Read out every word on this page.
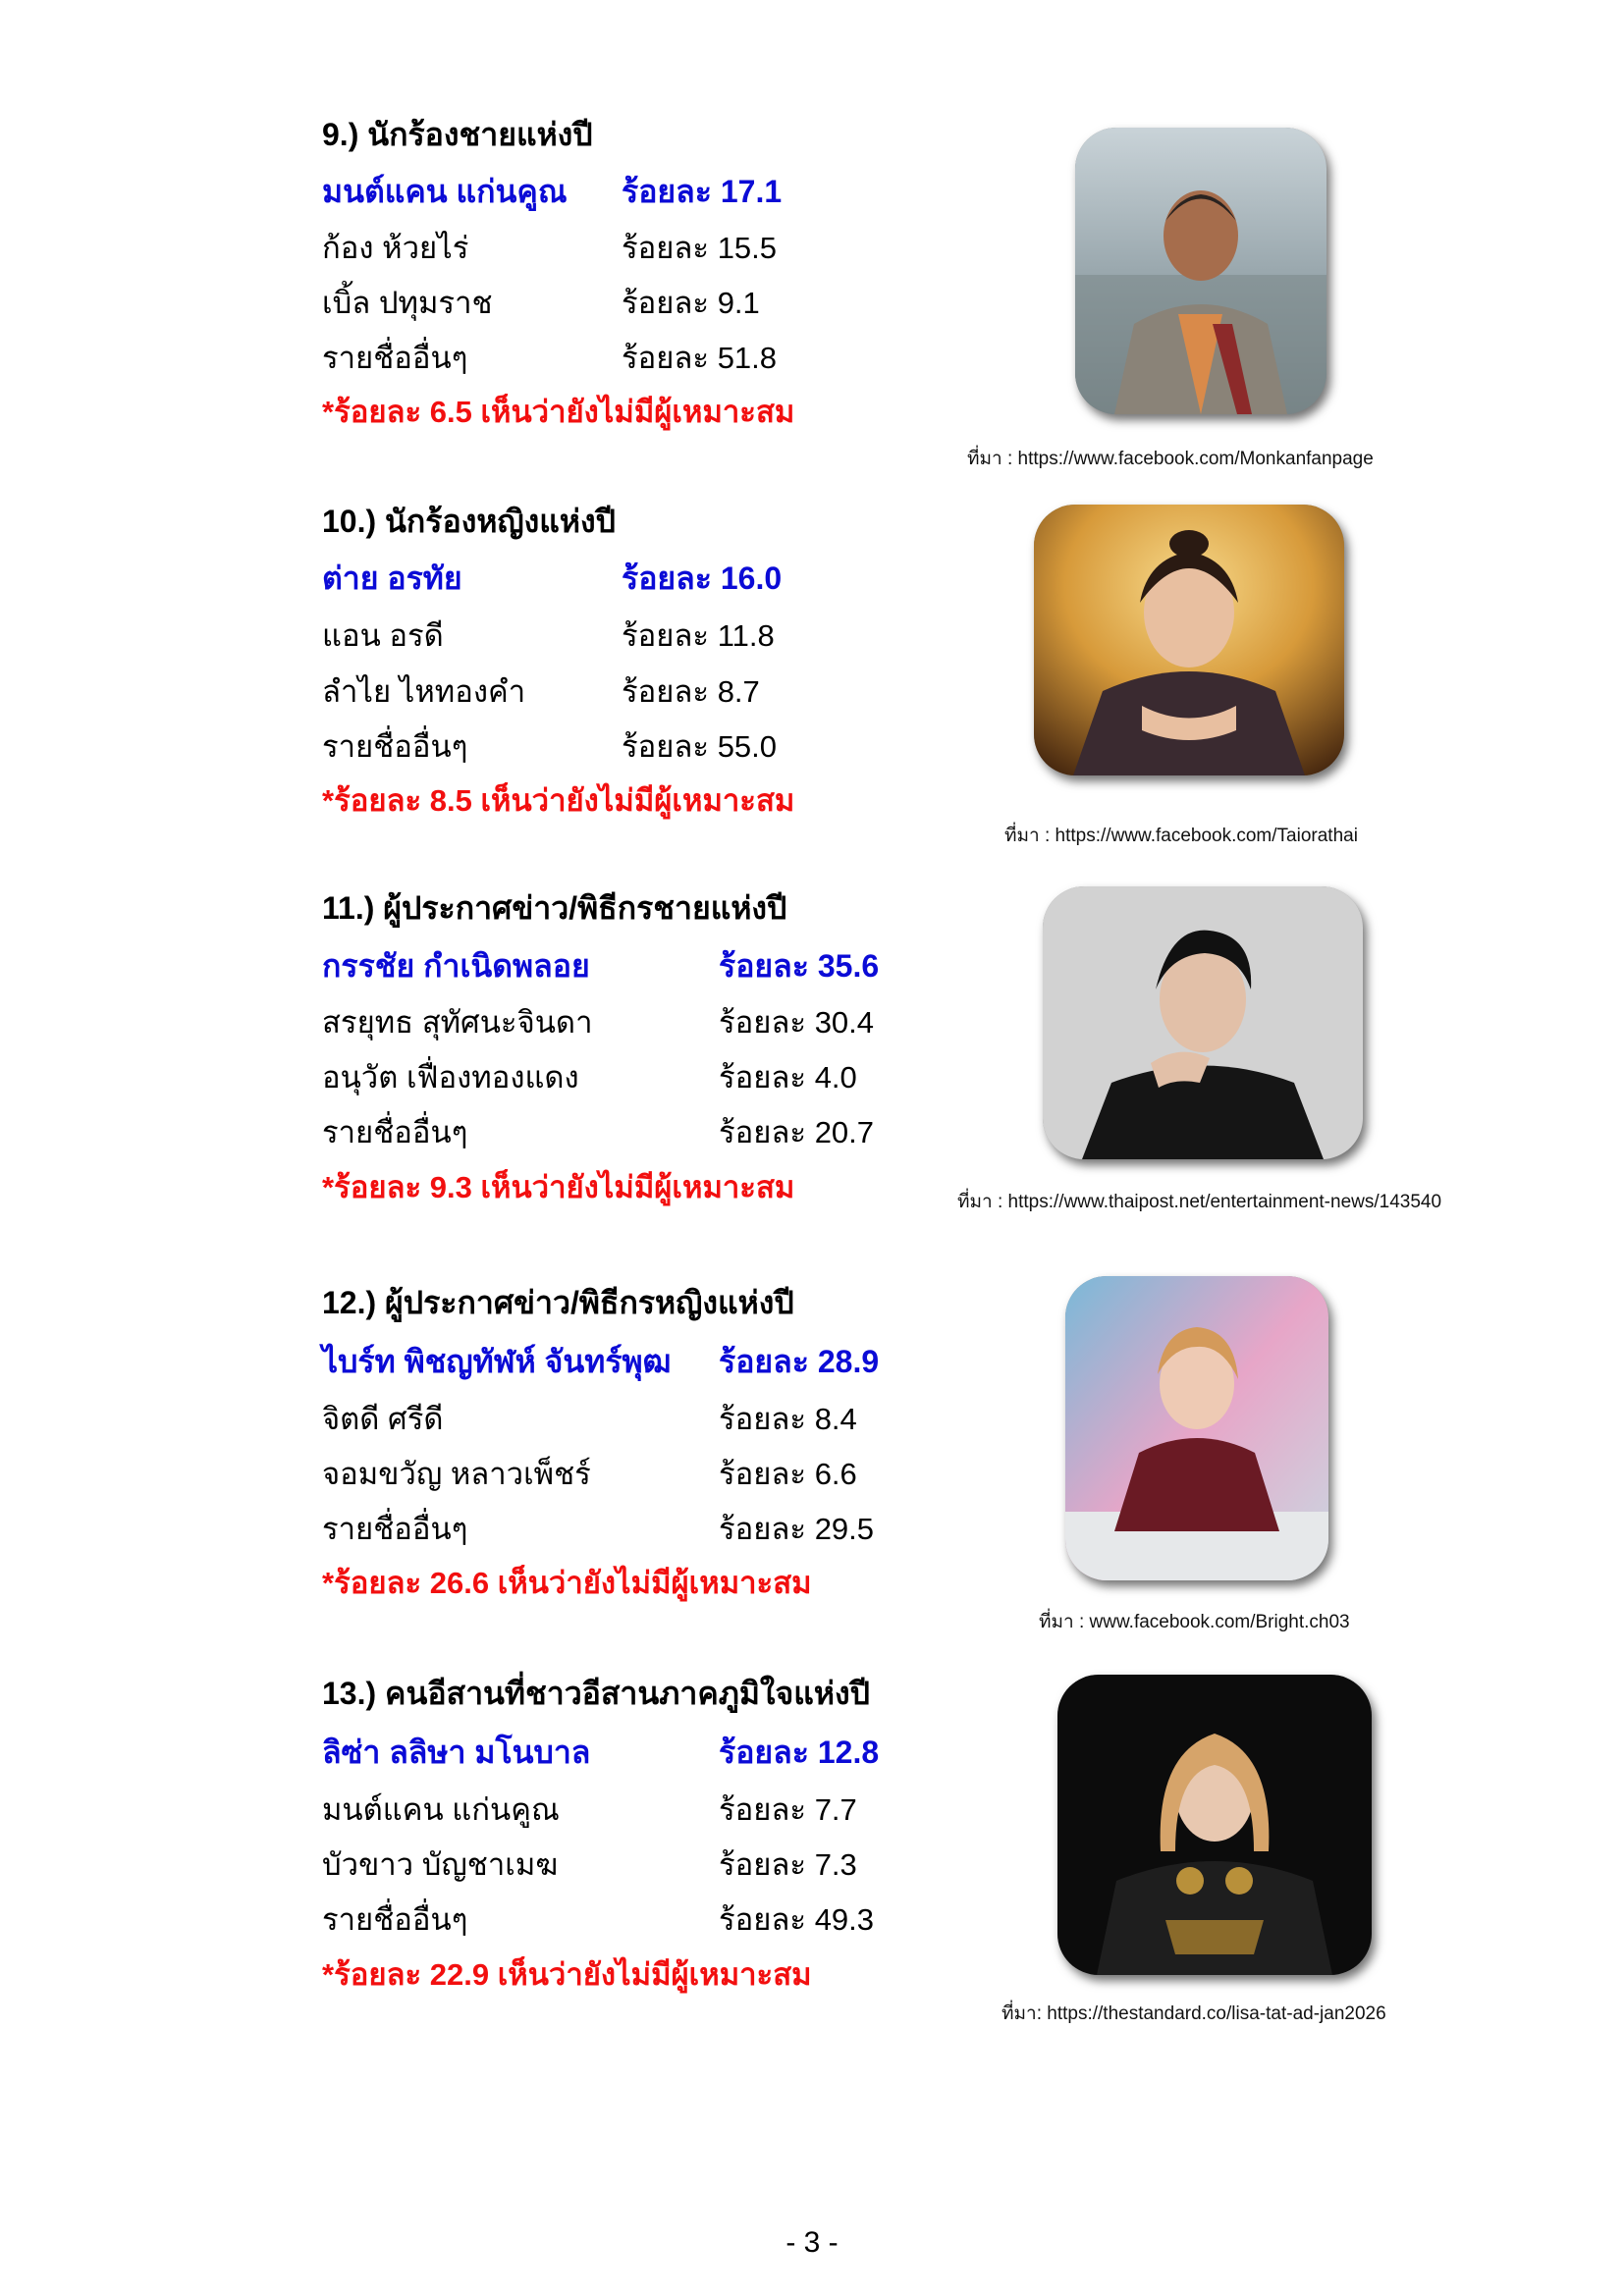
9.) นักร้องชายแห่งปี
มนต์แคน แก่นคูณ ร้อยละ 17.1
ก้อง ห้วยไร่	ร้อยละ 15.5
เบิ้ล ปทุมราช	ร้อยละ 9.1
รายชื่ออื่นๆ	ร้อยละ 51.8
*ร้อยละ 6.5 เห็นว่ายังไม่มีผู้เหมาะสม
ที่มา : https://www.facebook.com/Monkanfanpage
10.) นักร้องหญิงแห่งปี
ต่าย อรทัย	ร้อยละ 16.0
แอน อรดี	ร้อยละ 11.8
ลำไย ไหทองคำ	ร้อยละ 8.7
รายชื่ออื่นๆ	ร้อยละ 55.0
*ร้อยละ 8.5 เห็นว่ายังไม่มีผู้เหมาะสม
ที่มา : https://www.facebook.com/Taiorathai
11.) ผู้ประกาศข่าว/พิธีกรชายแห่งปี
กรรชัย กำเนิดพลอย	ร้อยละ 35.6
สรยุทธ สุทัศนะจินดา	ร้อยละ 30.4
อนุวัต เฟื่องทองแดง	ร้อยละ 4.0
รายชื่ออื่นๆ	ร้อยละ 20.7
*ร้อยละ 9.3 เห็นว่ายังไม่มีผู้เหมาะสม	ที่มา : https://www.thaipost.net/entertainment-news/143540
12.) ผู้ประกาศข่าว/พิธีกรหญิงแห่งปี
ไบร์ท พิชญทัฬห์ จันทร์พุฒ ร้อยละ 28.9
จิตดี ศรีดี	ร้อยละ 8.4
จอมขวัญ หลาวเพ็ชร์	ร้อยละ 6.6
รายชื่ออื่นๆ	ร้อยละ 29.5
*ร้อยละ 26.6 เห็นว่ายังไม่มีผู้เหมาะสม
ที่มา : www.facebook.com/Bright.ch03
13.) คนอีสานที่ชาวอีสานภาคภูมิใจแห่งปี
ลิซ่า ลลิษา มโนบาล	ร้อยละ 12.8
มนต์แคน แก่นคูณ	ร้อยละ 7.7
บัวขาว บัญชาเมฆ	ร้อยละ 7.3
รายชื่ออื่นๆ	ร้อยละ 49.3
*ร้อยละ 22.9 เห็นว่ายังไม่มีผู้เหมาะสม
ที่มา: https://thestandard.co/lisa-tat-ad-jan2026
- 3 -
